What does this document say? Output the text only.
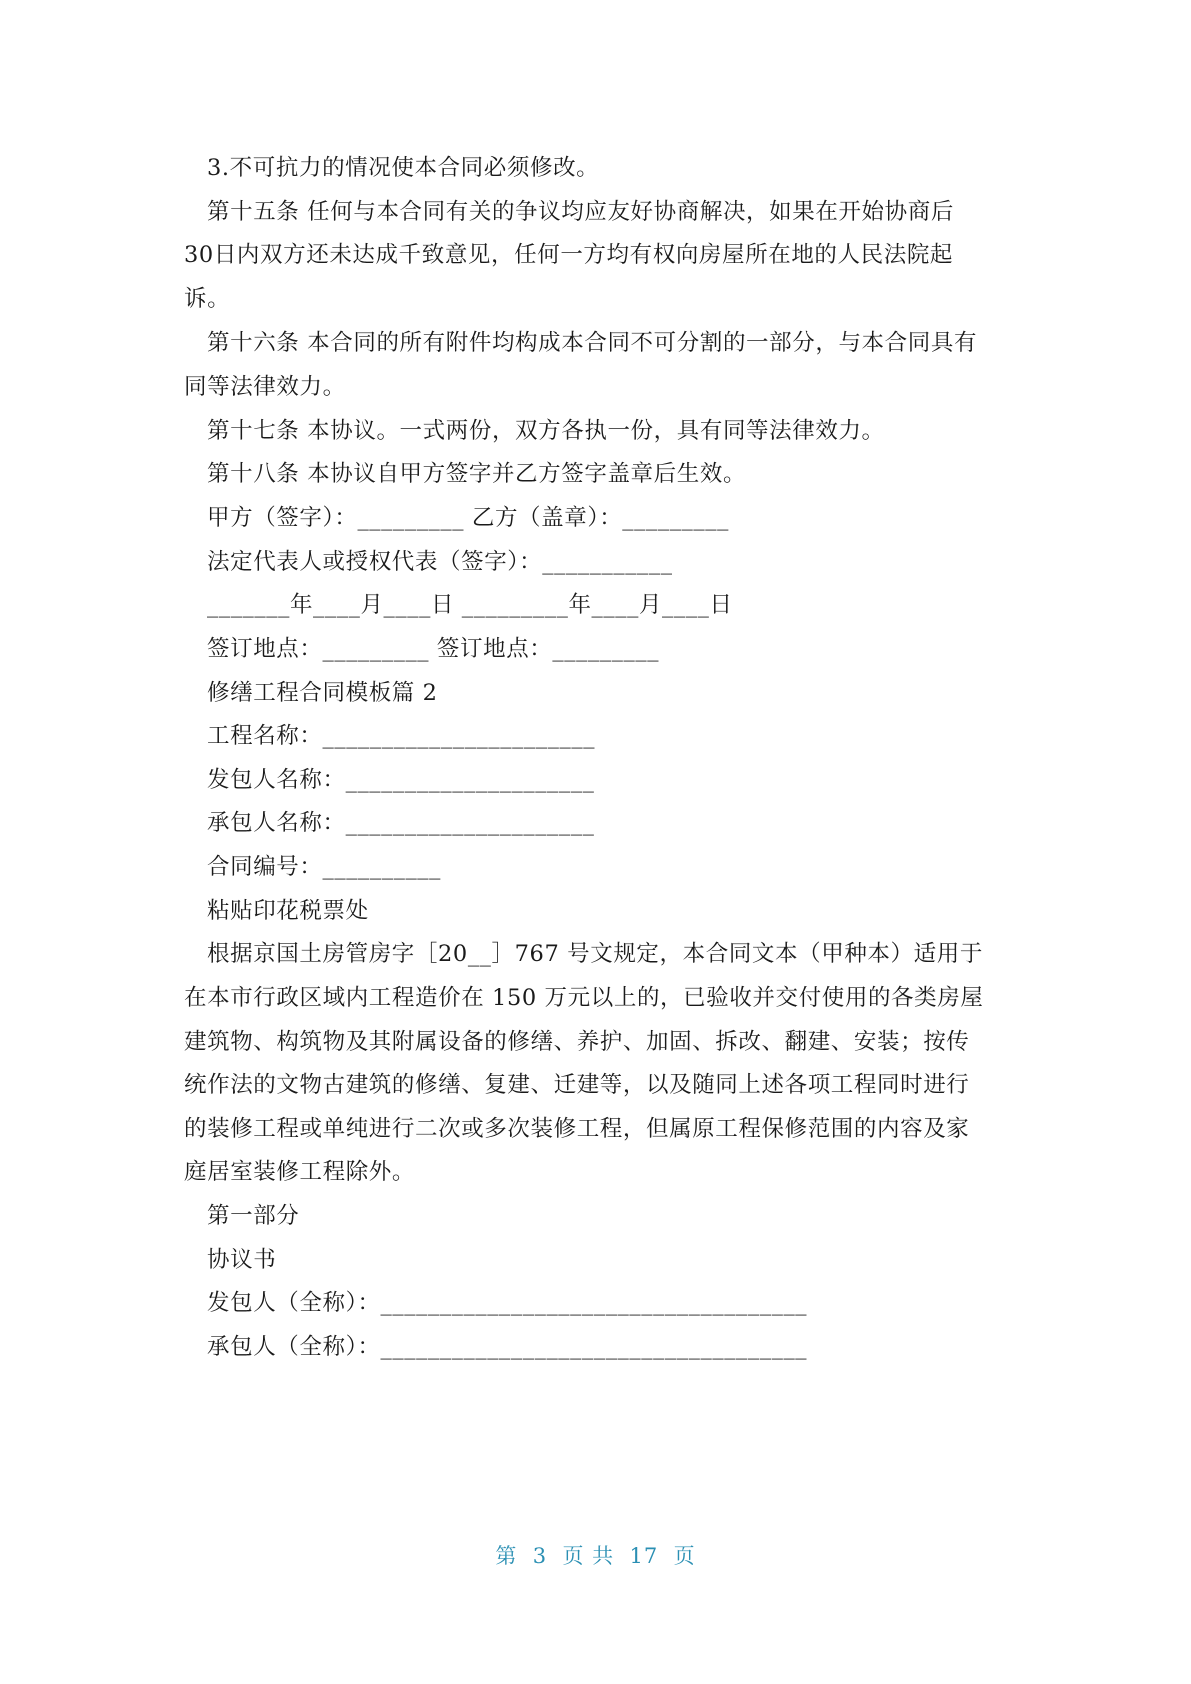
3.不可抗力的情况使本合同必须修改。
第十五条 任何与本合同有关的争议均应友好协商解决，如果在开始协商后
30日内双方还未达成千致意见，任何一方均有权向房屋所在地的人民法院起
诉。
第十六条 本合同的所有附件均构成本合同不可分割的一部分，与本合同具有
同等法律效力。
第十七条 本协议。一式两份，双方各执一份，具有同等法律效力。
第十八条 本协议自甲方签字并乙方签字盖章后生效。
甲方（签字）：_________ 乙方（盖章）：_________
法定代表人或授权代表（签字）：___________
_______年____月____日 _________年____月____日
签订地点：_________ 签订地点：_________
修缮工程合同模板篇 2
工程名称：_______________________
发包人名称：_____________________
承包人名称：_____________________
合同编号：__________
粘贴印花税票处
根据京国土房管房字［20__］767 号文规定，本合同文本（甲种本）适用于
在本市行政区域内工程造价在 150 万元以上的，已验收并交付使用的各类房屋
建筑物、构筑物及其附属设备的修缮、养护、加固、拆改、翻建、安装；按传
统作法的文物古建筑的修缮、复建、迁建等，以及随同上述各项工程同时进行
的装修工程或单纯进行二次或多次装修工程，但属原工程保修范围的内容及家
庭居室装修工程除外。
第一部分
协议书
发包人（全称）：____________________________________
承包人（全称）：____________________________________
第  3  页 共  17  页
